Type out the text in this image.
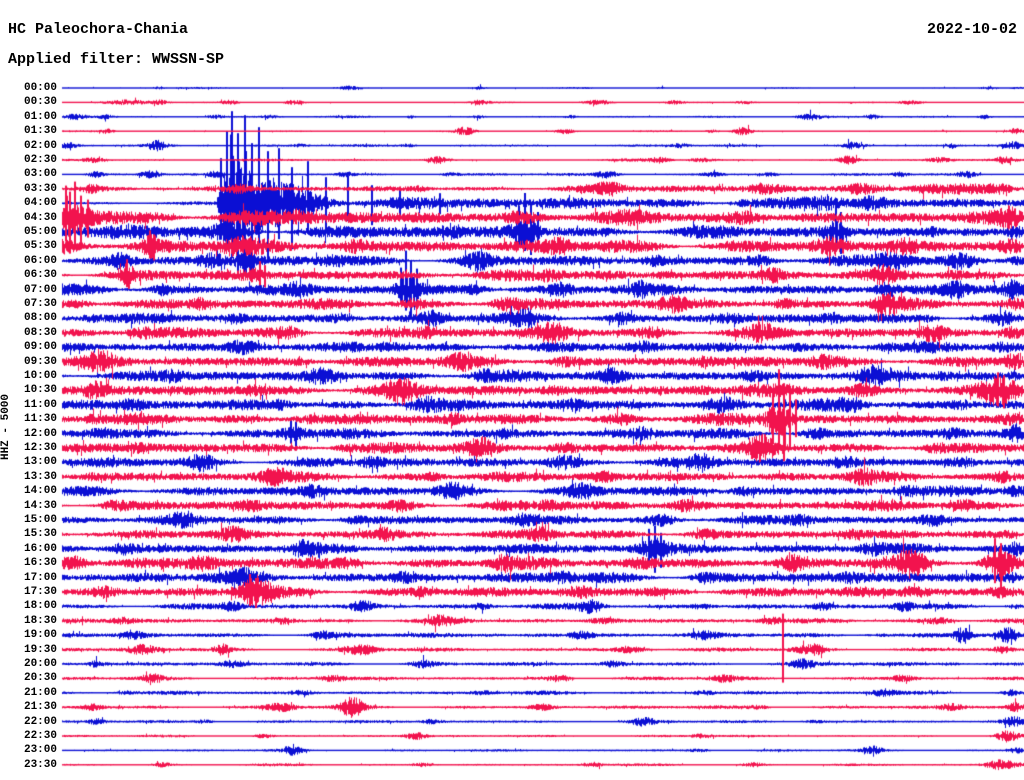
HC Paleochora-Chania
Applied filter: WWSSN-SP
2022-10-02
HHZ - 5000
00:00
00:30
01:00
01:30
02:00
02:30
03:00
03:30
04:00
04:30
05:00
05:30
06:00
06:30
07:00
07:30
08:00
08:30
09:00
09:30
10:00
10:30
11:00
11:30
12:00
12:30
13:00
13:30
14:00
14:30
15:00
15:30
16:00
16:30
17:00
17:30
18:00
18:30
19:00
19:30
20:00
20:30
21:00
21:30
22:00
22:30
23:00
23:30
